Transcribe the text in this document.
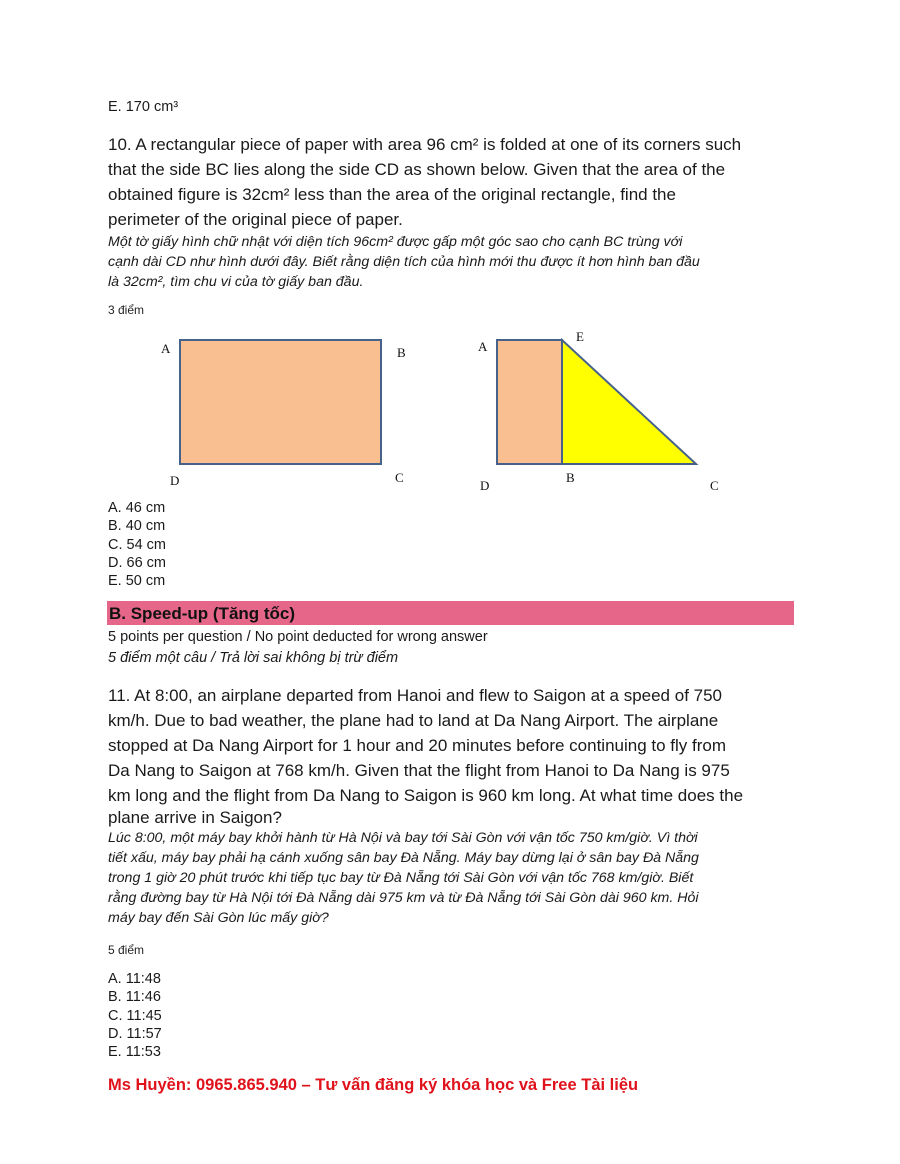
E. 170 cm³
10. A rectangular piece of paper with area 96 cm² is folded at one of its corners such
that the side BC lies along the side CD as shown below. Given that the area of the
obtained figure is 32cm² less than the area of the original rectangle, find the
perimeter of the original piece of paper.
Một tờ giấy hình chữ nhật với diện tích 96cm² được gấp một góc sao cho cạnh BC trùng với
cạnh dài CD như hình dưới đây. Biết rằng diện tích của hình mới thu được ít hơn hình ban đầu
là 32cm², tìm chu vi của tờ giấy ban đầu.
3 điểm
A	B
C
D
A
E
B
C
D
A. 46 cm
B. 40 cm
C. 54 cm
D. 66 cm
E. 50 cm
B. Speed-up (Tăng tốc)
5 points per question / No point deducted for wrong answer
5 điểm một câu / Trả lời sai không bị trừ điểm
11. At 8:00, an airplane departed from Hanoi and flew to Saigon at a speed of 750
km/h. Due to bad weather, the plane had to land at Da Nang Airport. The airplane
stopped at Da Nang Airport for 1 hour and 20 minutes before continuing to fly from
Da Nang to Saigon at 768 km/h. Given that the flight from Hanoi to Da Nang is 975
km long and the flight from Da Nang to Saigon is 960 km long. At what time does the
plane arrive in Saigon?
Lúc 8:00, một máy bay khởi hành từ Hà Nội và bay tới Sài Gòn với vận tốc 750 km/giờ. Vì thời
tiết xấu, máy bay phải hạ cánh xuống sân bay Đà Nẵng. Máy bay dừng lại ở sân bay Đà Nẵng
trong 1 giờ 20 phút trước khi tiếp tục bay từ Đà Nẵng tới Sài Gòn với vận tốc 768 km/giờ. Biết
rằng đường bay từ Hà Nội tới Đà Nẵng dài 975 km và từ Đà Nẵng tới Sài Gòn dài 960 km. Hỏi
máy bay đến Sài Gòn lúc mấy giờ?
5 điểm
A. 11:48
B. 11:46
C. 11:45
D. 11:57
E. 11:53
Ms Huyền: 0965.865.940 – Tư vấn đăng ký khóa học và Free Tài liệu
